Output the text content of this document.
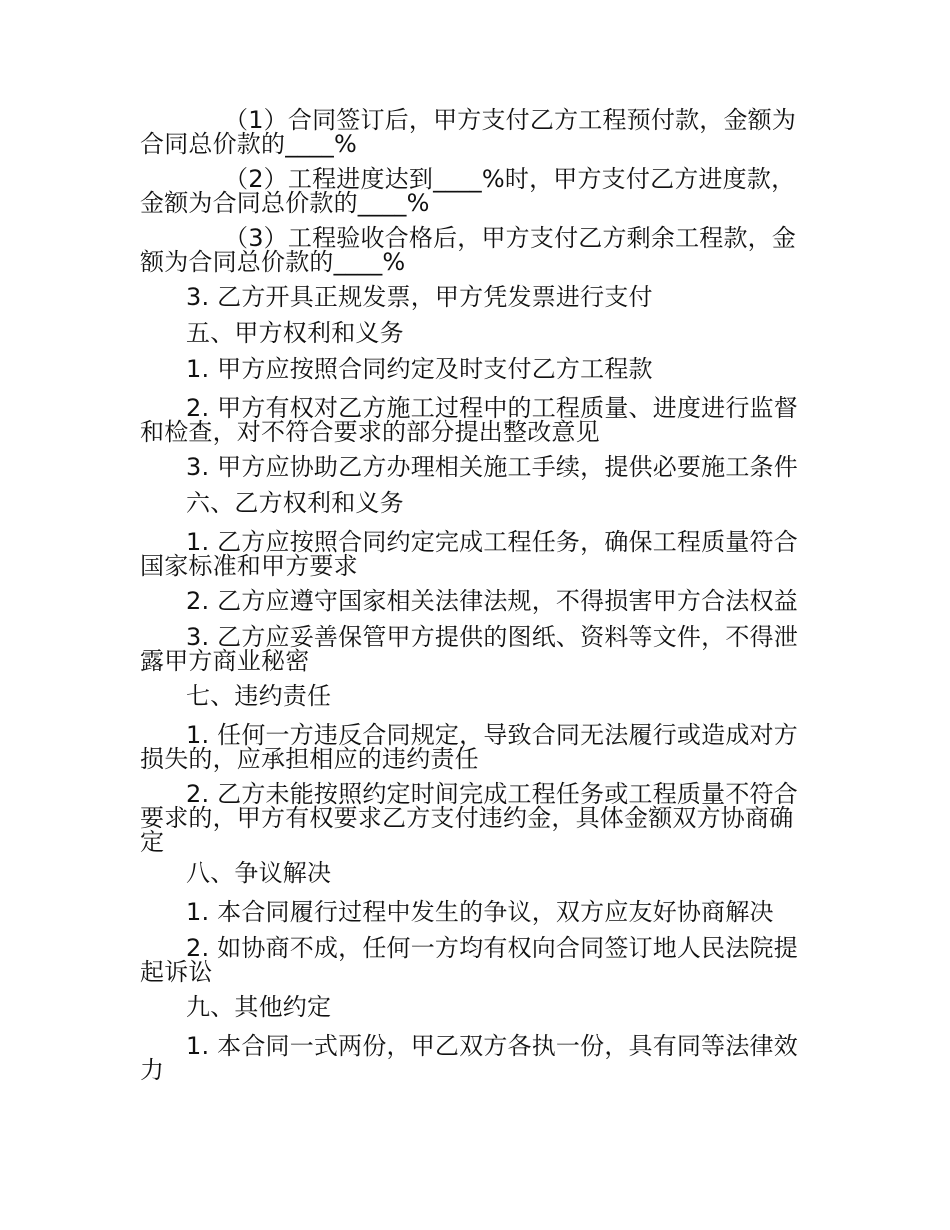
（1）合同签订后，甲方支付乙方工程预付款，金额为合同总价款的____%

（2）工程进度达到____%时，甲方支付乙方进度款，金额为合同总价款的____%

（3）工程验收合格后，甲方支付乙方剩余工程款，金额为合同总价款的____%

3. 乙方开具正规发票，甲方凭发票进行支付

五、甲方权利和义务

1. 甲方应按照合同约定及时支付乙方工程款

2. 甲方有权对乙方施工过程中的工程质量、进度进行监督和检查，对不符合要求的部分提出整改意见

3. 甲方应协助乙方办理相关施工手续，提供必要施工条件

六、乙方权利和义务

1. 乙方应按照合同约定完成工程任务，确保工程质量符合国家标准和甲方要求

2. 乙方应遵守国家相关法律法规，不得损害甲方合法权益

3. 乙方应妥善保管甲方提供的图纸、资料等文件，不得泄露甲方商业秘密

七、违约责任

1. 任何一方违反合同规定，导致合同无法履行或造成对方损失的，应承担相应的违约责任

2. 乙方未能按照约定时间完成工程任务或工程质量不符合要求的，甲方有权要求乙方支付违约金，具体金额双方协商确定

八、争议解决

1. 本合同履行过程中发生的争议，双方应友好协商解决

2. 如协商不成，任何一方均有权向合同签订地人民法院提起诉讼

九、其他约定

1. 本合同一式两份，甲乙双方各执一份，具有同等法律效力
